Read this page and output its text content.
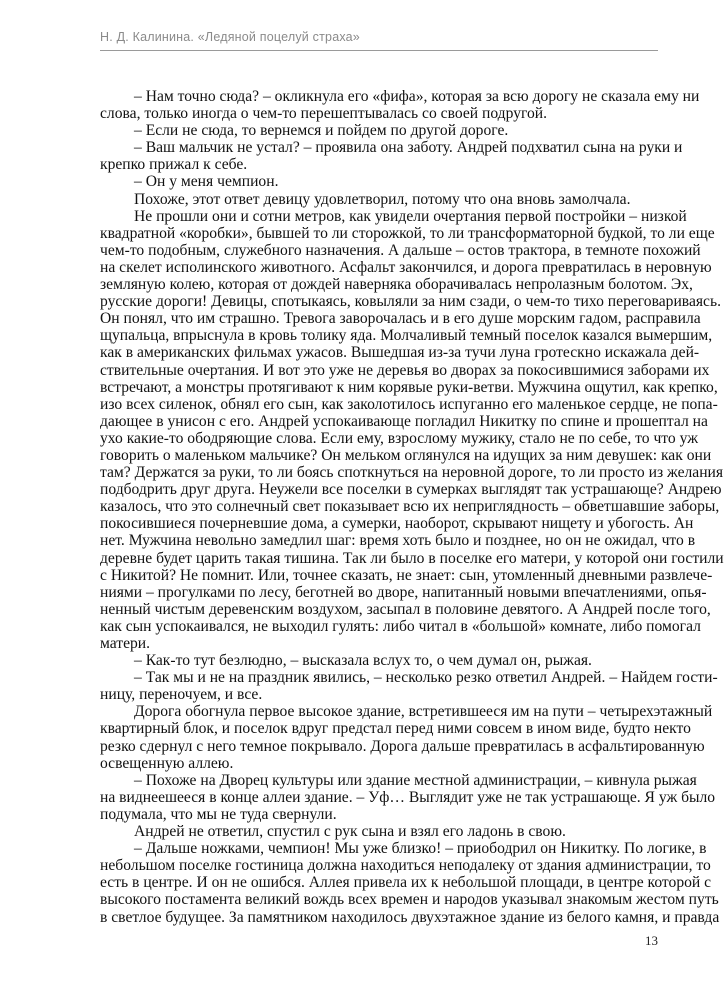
Н. Д. Калинина. «Ледяной поцелуй страха»
– Нам точно сюда? – окликнула его «фифа», которая за всю дорогу не сказала ему ни
слова, только иногда о чем-то перешептывалась со своей подругой.
– Если не сюда, то вернемся и пойдем по другой дороге.
– Ваш мальчик не устал? – проявила она заботу. Андрей подхватил сына на руки и
крепко прижал к себе.
– Он у меня чемпион.
Похоже, этот ответ девицу удовлетворил, потому что она вновь замолчала.
Не прошли они и сотни метров, как увидели очертания первой постройки – низкой
квадратной «коробки», бывшей то ли сторожкой, то ли трансформаторной будкой, то ли еще
чем-то подобным, служебного назначения. А дальше – остов трактора, в темноте похожий
на скелет исполинского животного. Асфальт закончился, и дорога превратилась в неровную
земляную колею, которая от дождей наверняка оборачивалась непролазным болотом. Эх,
русские дороги! Девицы, спотыкаясь, ковыляли за ним сзади, о чем-то тихо переговариваясь.
Он понял, что им страшно. Тревога заворочалась и в его душе морским гадом, расправила
щупальца, впрыснула в кровь толику яда. Молчаливый темный поселок казался вымершим,
как в американских фильмах ужасов. Вышедшая из-за тучи луна гротескно искажала дей-
ствительные очертания. И вот это уже не деревья во дворах за покосившимися заборами их
встречают, а монстры протягивают к ним корявые руки-ветви. Мужчина ощутил, как крепко,
изо всех силенок, обнял его сын, как заколотилось испуганно его маленькое сердце, не попа-
дающее в унисон с его. Андрей успокаивающе погладил Никитку по спине и прошептал на
ухо какие-то ободряющие слова. Если ему, взрослому мужику, стало не по себе, то что уж
говорить о маленьком мальчике? Он мельком оглянулся на идущих за ним девушек: как они
там? Держатся за руки, то ли боясь споткнуться на неровной дороге, то ли просто из желания
подбодрить друг друга. Неужели все поселки в сумерках выглядят так устрашающе? Андрею
казалось, что это солнечный свет показывает всю их неприглядность – обветшавшие заборы,
покосившиеся почерневшие дома, а сумерки, наоборот, скрывают нищету и убогость. Ан
нет. Мужчина невольно замедлил шаг: время хоть было и позднее, но он не ожидал, что в
деревне будет царить такая тишина. Так ли было в поселке его матери, у которой они гостили
с Никитой? Не помнит. Или, точнее сказать, не знает: сын, утомленный дневными развлече-
ниями – прогулками по лесу, беготней во дворе, напитанный новыми впечатлениями, опья-
ненный чистым деревенским воздухом, засыпал в половине девятого. А Андрей после того,
как сын успокаивался, не выходил гулять: либо читал в «большой» комнате, либо помогал
матери.
– Как-то тут безлюдно, – высказала вслух то, о чем думал он, рыжая.
– Так мы и не на праздник явились, – несколько резко ответил Андрей. – Найдем гости-
ницу, переночуем, и все.
Дорога обогнула первое высокое здание, встретившееся им на пути – четырехэтажный
квартирный блок, и поселок вдруг предстал перед ними совсем в ином виде, будто некто
резко сдернул с него темное покрывало. Дорога дальше превратилась в асфальтированную
освещенную аллею.
– Похоже на Дворец культуры или здание местной администрации, – кивнула рыжая
на виднеешееся в конце аллеи здание. – Уф… Выглядит уже не так устрашающе. Я уж было
подумала, что мы не туда свернули.
Андрей не ответил, спустил с рук сына и взял его ладонь в свою.
– Дальше ножками, чемпион! Мы уже близко! – приободрил он Никитку. По логике, в
небольшом поселке гостиница должна находиться неподалеку от здания администрации, то
есть в центре. И он не ошибся. Аллея привела их к небольшой площади, в центре которой с
высокого постамента великий вождь всех времен и народов указывал знакомым жестом путь
в светлое будущее. За памятником находилось двухэтажное здание из белого камня, и правда
13
